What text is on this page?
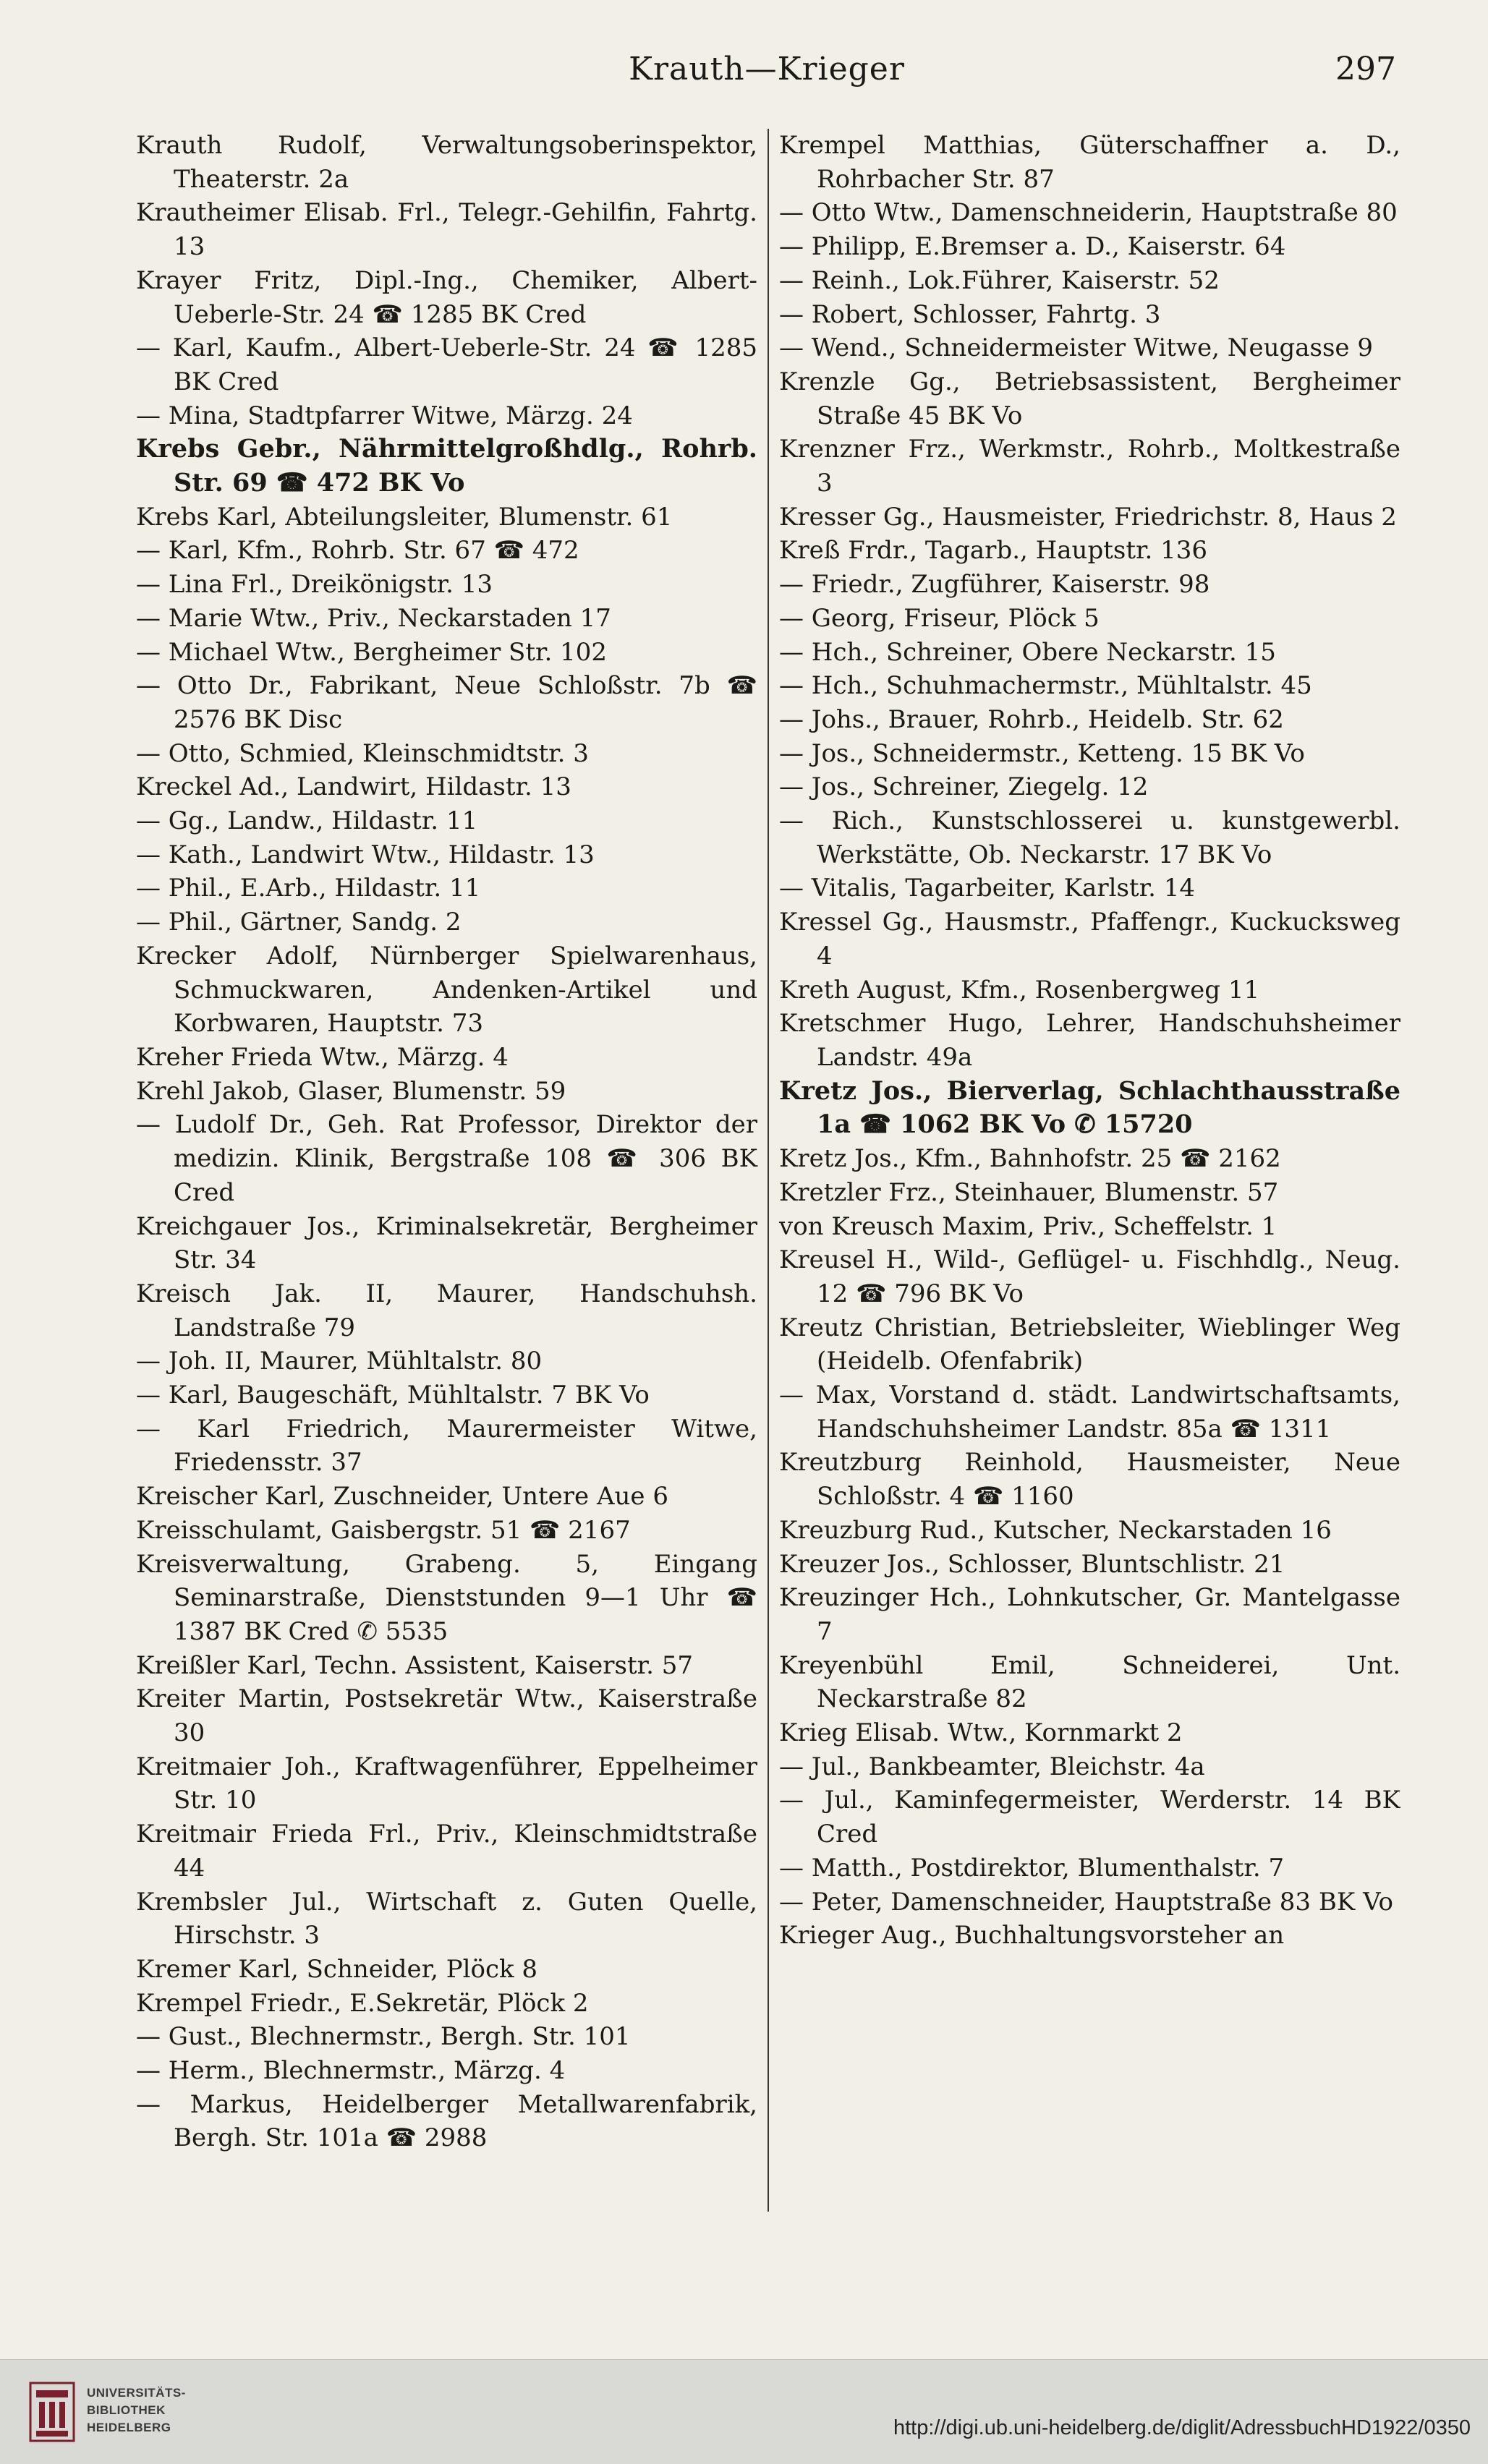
Krauth—Krieger	297

Krauth Rudolf, Verwaltungsoberinspektor, Theaterstr. 2a

Krautheimer Elisab. Frl., Telegr.-Gehilfin, Fahrtg. 13

Krayer Fritz, Dipl.-Ing., Chemiker, Albert-Ueberle-Str. 24 ☎ 1285 BK Cred

— Karl, Kaufm., Albert-Ueberle-Str. 24 ☎ 1285 BK Cred

— Mina, Stadtpfarrer Witwe, Märzg. 24

Krebs Gebr., Nährmittelgroßhdlg., Rohrb. Str. 69 ☎ 472 BK Vo

Krebs Karl, Abteilungsleiter, Blumenstr. 61

— Karl, Kfm., Rohrb. Str. 67 ☎ 472

— Lina Frl., Dreikönigstr. 13

— Marie Wtw., Priv., Neckarstaden 17

— Michael Wtw., Bergheimer Str. 102

— Otto Dr., Fabrikant, Neue Schloßstr. 7b ☎ 2576 BK Disc

— Otto, Schmied, Kleinschmidtstr. 3

Kreckel Ad., Landwirt, Hildastr. 13

— Gg., Landw., Hildastr. 11

— Kath., Landwirt Wtw., Hildastr. 13

— Phil., E.Arb., Hildastr. 11

— Phil., Gärtner, Sandg. 2

Krecker Adolf, Nürnberger Spielwarenhaus, Schmuckwaren, Andenken-Artikel und Korbwaren, Hauptstr. 73

Kreher Frieda Wtw., Märzg. 4

Krehl Jakob, Glaser, Blumenstr. 59

— Ludolf Dr., Geh. Rat Professor, Direktor der medizin. Klinik, Bergstraße 108 ☎ 306 BK Cred

Kreichgauer Jos., Kriminalsekretär, Bergheimer Str. 34

Kreisch Jak. II, Maurer, Handschuhsh. Landstraße 79

— Joh. II, Maurer, Mühltalstr. 80

— Karl, Baugeschäft, Mühltalstr. 7 BK Vo

— Karl Friedrich, Maurermeister Witwe, Friedensstr. 37

Kreischer Karl, Zuschneider, Untere Aue 6

Kreisschulamt, Gaisbergstr. 51 ☎ 2167

Kreisverwaltung, Grabeng. 5, Eingang Seminarstraße, Dienststunden 9—1 Uhr ☎ 1387 BK Cred ✆ 5535

Kreißler Karl, Techn. Assistent, Kaiserstr. 57

Kreiter Martin, Postsekretär Wtw., Kaiserstraße 30

Kreitmaier Joh., Kraftwagenführer, Eppelheimer Str. 10

Kreitmair Frieda Frl., Priv., Kleinschmidtstraße 44

Krembsler Jul., Wirtschaft z. Guten Quelle, Hirschstr. 3

Kremer Karl, Schneider, Plöck 8

Krempel Friedr., E.Sekretär, Plöck 2

— Gust., Blechnermstr., Bergh. Str. 101

— Herm., Blechnermstr., Märzg. 4

— Markus, Heidelberger Metallwarenfabrik, Bergh. Str. 101a ☎ 2988

Krempel Matthias, Güterschaffner a. D., Rohrbacher Str. 87

— Otto Wtw., Damenschneiderin, Hauptstraße 80

— Philipp, E.Bremser a. D., Kaiserstr. 64

— Reinh., Lok.Führer, Kaiserstr. 52

— Robert, Schlosser, Fahrtg. 3

— Wend., Schneidermeister Witwe, Neugasse 9

Krenzle Gg., Betriebsassistent, Bergheimer Straße 45 BK Vo

Krenzner Frz., Werkmstr., Rohrb., Moltkestraße 3

Kresser Gg., Hausmeister, Friedrichstr. 8, Haus 2

Kreß Frdr., Tagarb., Hauptstr. 136

— Friedr., Zugführer, Kaiserstr. 98

— Georg, Friseur, Plöck 5

— Hch., Schreiner, Obere Neckarstr. 15

— Hch., Schuhmachermstr., Mühltalstr. 45

— Johs., Brauer, Rohrb., Heidelb. Str. 62

— Jos., Schneidermstr., Ketteng. 15 BK Vo

— Jos., Schreiner, Ziegelg. 12

— Rich., Kunstschlosserei u. kunstgewerbl. Werkstätte, Ob. Neckarstr. 17 BK Vo

— Vitalis, Tagarbeiter, Karlstr. 14

Kressel Gg., Hausmstr., Pfaffengr., Kuckucksweg 4

Kreth August, Kfm., Rosenbergweg 11

Kretschmer Hugo, Lehrer, Handschuhsheimer Landstr. 49a

Kretz Jos., Bierverlag, Schlachthausstraße 1a ☎ 1062 BK Vo ✆ 15720

Kretz Jos., Kfm., Bahnhofstr. 25 ☎ 2162

Kretzler Frz., Steinhauer, Blumenstr. 57

von Kreusch Maxim, Priv., Scheffelstr. 1

Kreusel H., Wild-, Geflügel- u. Fischhdlg., Neug. 12 ☎ 796 BK Vo

Kreutz Christian, Betriebsleiter, Wieblinger Weg (Heidelb. Ofenfabrik)

— Max, Vorstand d. städt. Landwirtschaftsamts, Handschuhsheimer Landstr. 85a ☎ 1311

Kreutzburg Reinhold, Hausmeister, Neue Schloßstr. 4 ☎ 1160

Kreuzburg Rud., Kutscher, Neckarstaden 16

Kreuzer Jos., Schlosser, Bluntschlistr. 21

Kreuzinger Hch., Lohnkutscher, Gr. Mantelgasse 7

Kreyenbühl Emil, Schneiderei, Unt. Neckarstraße 82

Krieg Elisab. Wtw., Kornmarkt 2

— Jul., Bankbeamter, Bleichstr. 4a

— Jul., Kaminfegermeister, Werderstr. 14 BK Cred

— Matth., Postdirektor, Blumenthalstr. 7

— Peter, Damenschneider, Hauptstraße 83 BK Vo

Krieger Aug., Buchhaltungsvorsteher an

UNIVERSITÄTS-
BIBLIOTHEK
HEIDELBERG	http://digi.ub.uni-heidelberg.de/diglit/AdressbuchHD1922/0350
